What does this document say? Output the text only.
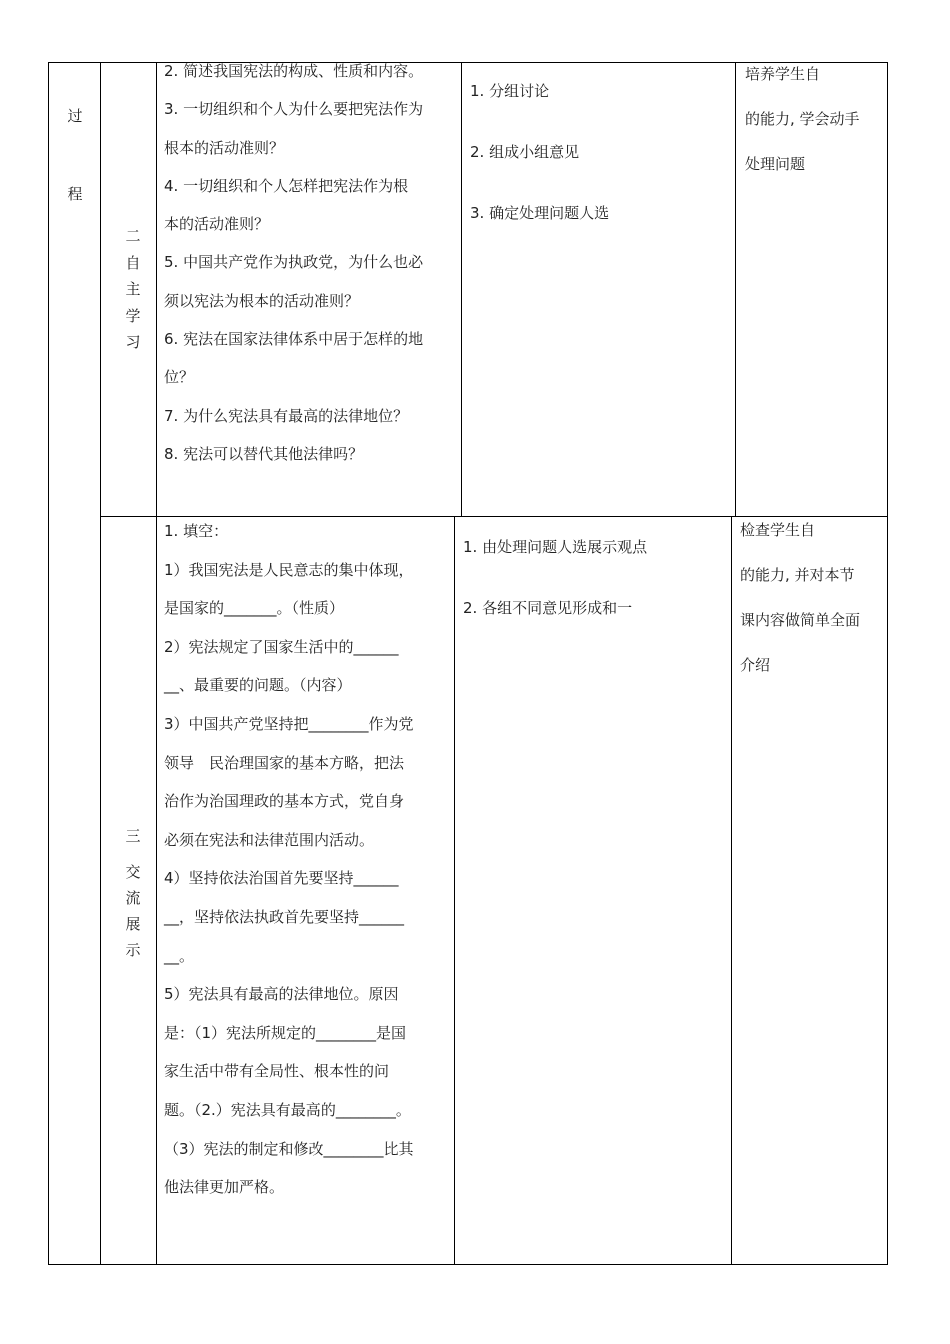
过
程
二
自
主
学
习
2. 简述我国宪法的构成、性质和内容。
3. 一切组织和个人为什么要把宪法作为
根本的活动准则？
4. 一切组织和个人怎样把宪法作为根
本的活动准则？
5. 中国共产党作为执政党，为什么也必
须以宪法为根本的活动准则？
6. 宪法在国家法律体系中居于怎样的地
位？
7. 为什么宪法具有最高的法律地位？
8. 宪法可以替代其他法律吗？
1. 分组讨论
2. 组成小组意见
3. 确定处理问题人选
培养学生自
的能力, 学会动手
处理问题
三
交
流
展
示
1. 填空：
1）我国宪法是人民意志的集中体现，
是国家的_______。（性质）
2）宪法规定了国家生活中的______
__、最重要的问题。（内容）
3）中国共产党坚持把________作为党
领导　民治理国家的基本方略，把法
治作为治国理政的基本方式，党自身
必须在宪法和法律范围内活动。
4）坚持依法治国首先要坚持______
__，坚持依法执政首先要坚持______
__。
5）宪法具有最高的法律地位。原因
是：（1）宪法所规定的________是国
家生活中带有全局性、根本性的问
题。（2.）宪法具有最高的________。
（3）宪法的制定和修改________比其
他法律更加严格。
1. 由处理问题人选展示观点
2. 各组不同意见形成和一
检查学生自
的能力, 并对本节
课内容做简单全面
介绍
